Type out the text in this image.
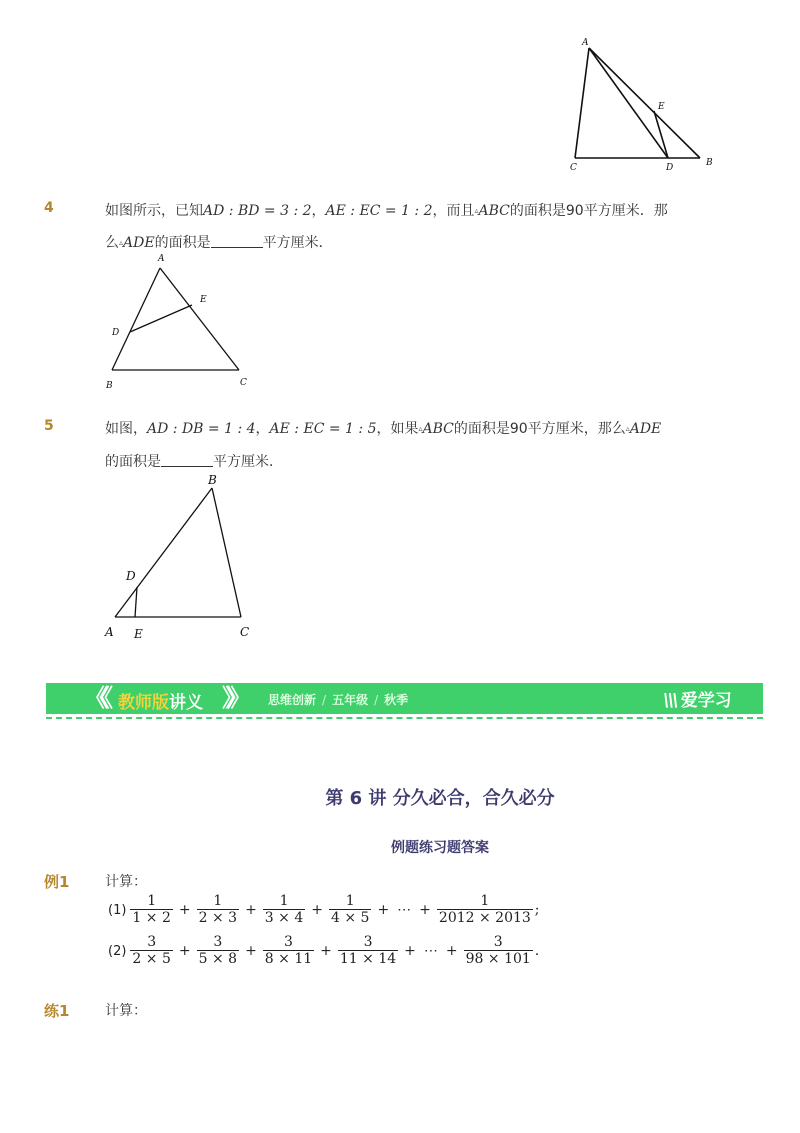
A
E
C	D	B
4	如图所示，已知AD : BD = 3 : 2，AE : EC = 1 : 2，而且▵ABC的面积是90平方厘米．那
么▵ADE的面积是	平方厘米．
A
E
D
B	C
5	如图，AD : DB = 1 : 4，AE : EC = 1 : 5，如果▵ABC的面积是90平方厘米，那么▵ADE
的面积是	平方厘米．
B
D
A E	C
《《 教师版讲义 》》 思维创新 / 五年级 / 秋季	\\\ 爱学习
第 6 讲 分久必合，合久必分
例题练习题答案
例1	计算：
$(1) \frac{1}{1 \times 2} + \frac{1}{2 \times 3} + \frac{1}{3 \times 4} + \frac{1}{4 \times 5}$ + ⋯ + $\frac{1}{2012 \times 2013}$ ;
$(2) \frac{3}{2 \times 5} + \frac{3}{5 \times 8} + \frac{3}{8 \times 11} + \frac{3}{11 \times 14}$ + ⋯ + $\frac{3}{98 \times 101}$ .
练1	计算：
